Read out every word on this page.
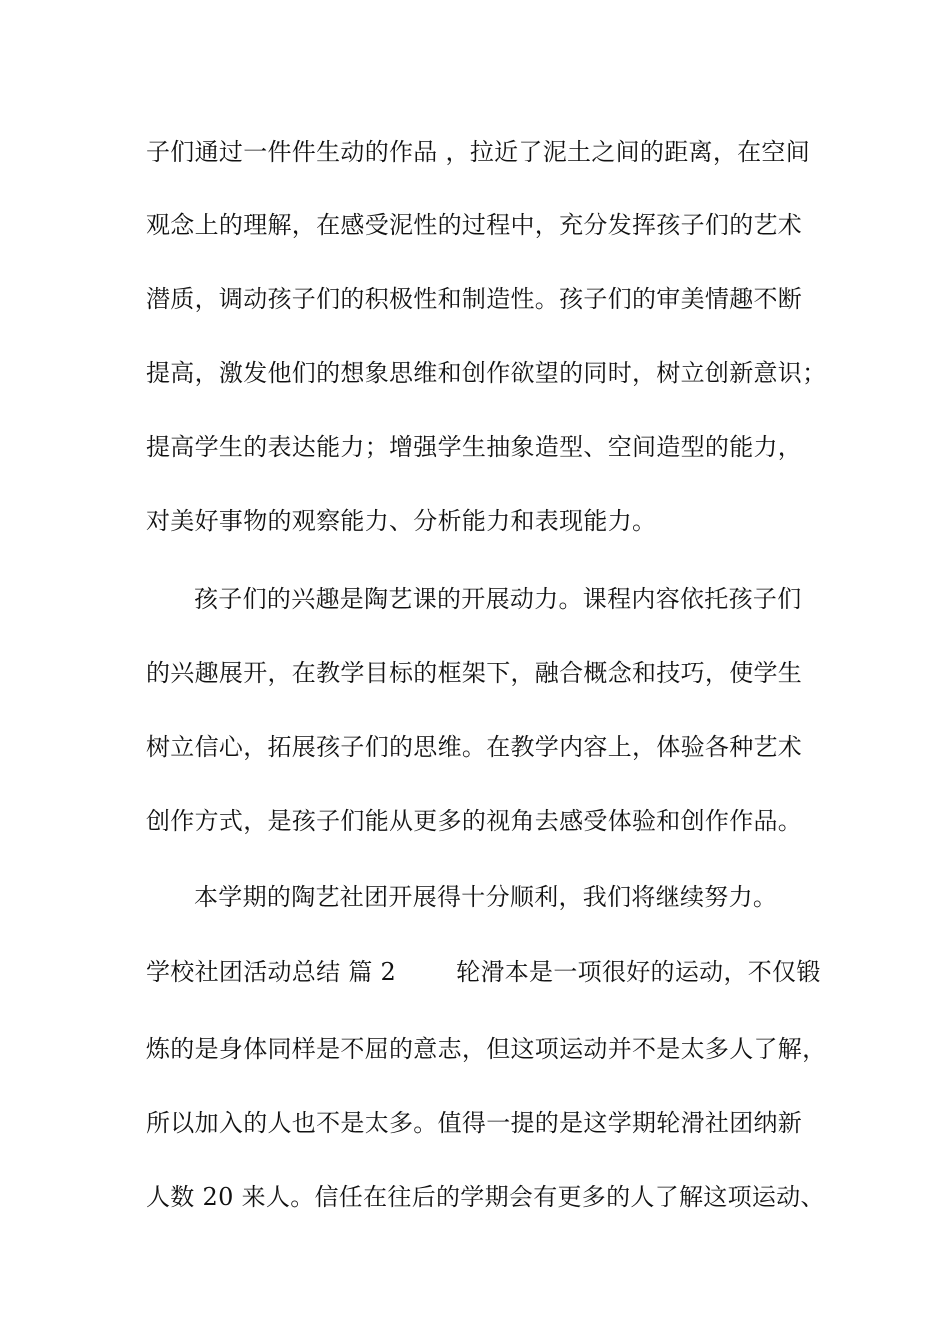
子们通过一件件生动的作品 ，拉近了泥土之间的距离，在空间
观念上的理解，在感受泥性的过程中，充分发挥孩子们的艺术
潜质，调动孩子们的积极性和制造性。孩子们的审美情趣不断
提高，激发他们的想象思维和创作欲望的同时，树立创新意识；
提高学生的表达能力；增强学生抽象造型、空间造型的能力，
对美好事物的观察能力、分析能力和表现能力。
孩子们的兴趣是陶艺课的开展动力。课程内容依托孩子们
的兴趣展开，在教学目标的框架下，融合概念和技巧，使学生
树立信心，拓展孩子们的思维。在教学内容上，体验各种艺术
创作方式，是孩子们能从更多的视角去感受体验和创作作品。
本学期的陶艺社团开展得十分顺利，我们将继续努力。
学校社团活动总结 篇 2	轮滑本是一项很好的运动，不仅锻
炼的是身体同样是不屈的意志，但这项运动并不是太多人了解，
所以加入的人也不是太多。值得一提的是这学期轮滑社团纳新
人数 20 来人。信任在往后的学期会有更多的人了解这项运动、
